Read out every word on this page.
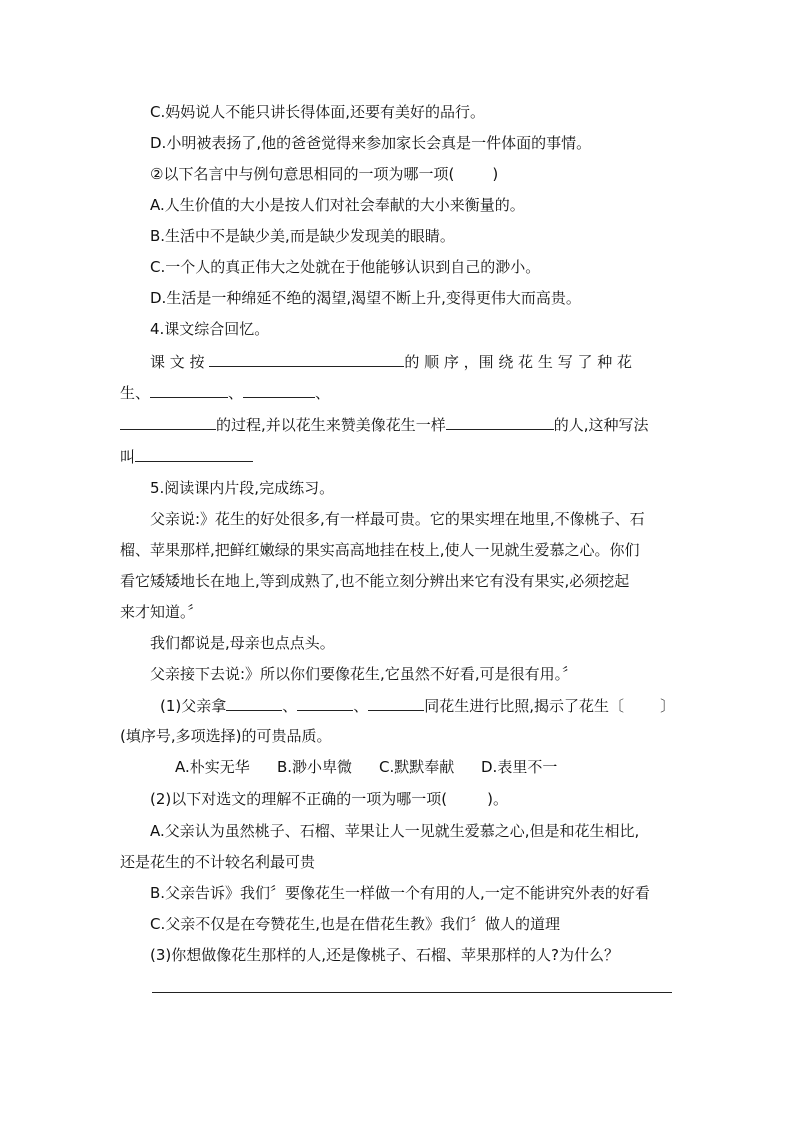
C.妈妈说人不能只讲长得体面,还要有美好的品行。
D.小明被表扬了,他的爸爸觉得来参加家长会真是一件体面的事情。
②以下名言中与例句意思相同的一项为哪一项(	)
A.人生价值的大小是按人们对社会奉献的大小来衡量的。
B.生活中不是缺少美,而是缺少发现美的眼睛。
C.一个人的真正伟大之处就在于他能够认识到自己的渺小。
D.生活是一种绵延不绝的渴望,渴望不断上升,变得更伟大而高贵。
4.课文综合回忆。
课 文 按	的 顺 序 ，围 绕 花 生 写 了 种 花
生、	、	、
的过程,并以花生来赞美像花生一样	的人,这种写法
叫
5.阅读课内片段,完成练习。
父亲说:》花生的好处很多,有一样最可贵。它的果实埋在地里,不像桃子、石
榴、苹果那样,把鲜红嫩绿的果实高高地挂在枝上,使人一见就生爱慕之心。你们
看它矮矮地长在地上,等到成熟了,也不能立刻分辨出来它有没有果实,必须挖起
来才知道。〞
我们都说是,母亲也点点头。
父亲接下去说:》所以你们要像花生,它虽然不好看,可是很有用。〞
(1)父亲拿	、	、	同花生进行比照,揭示了花生〔 〕
(填序号,多项选择)的可贵品质。
A.朴实无华 B.渺小卑微 C.默默奉献 D.表里不一
(2)以下对选文的理解不正确的一项为哪一项(	)。
A.父亲认为虽然桃子、石榴、苹果让人一见就生爱慕之心,但是和花生相比,
还是花生的不计较名利最可贵
B.父亲告诉》我们〞要像花生一样做一个有用的人,一定不能讲究外表的好看
C.父亲不仅是在夸赞花生,也是在借花生教》我们〞做人的道理
(3)你想做像花生那样的人,还是像桃子、石榴、苹果那样的人?为什么？
